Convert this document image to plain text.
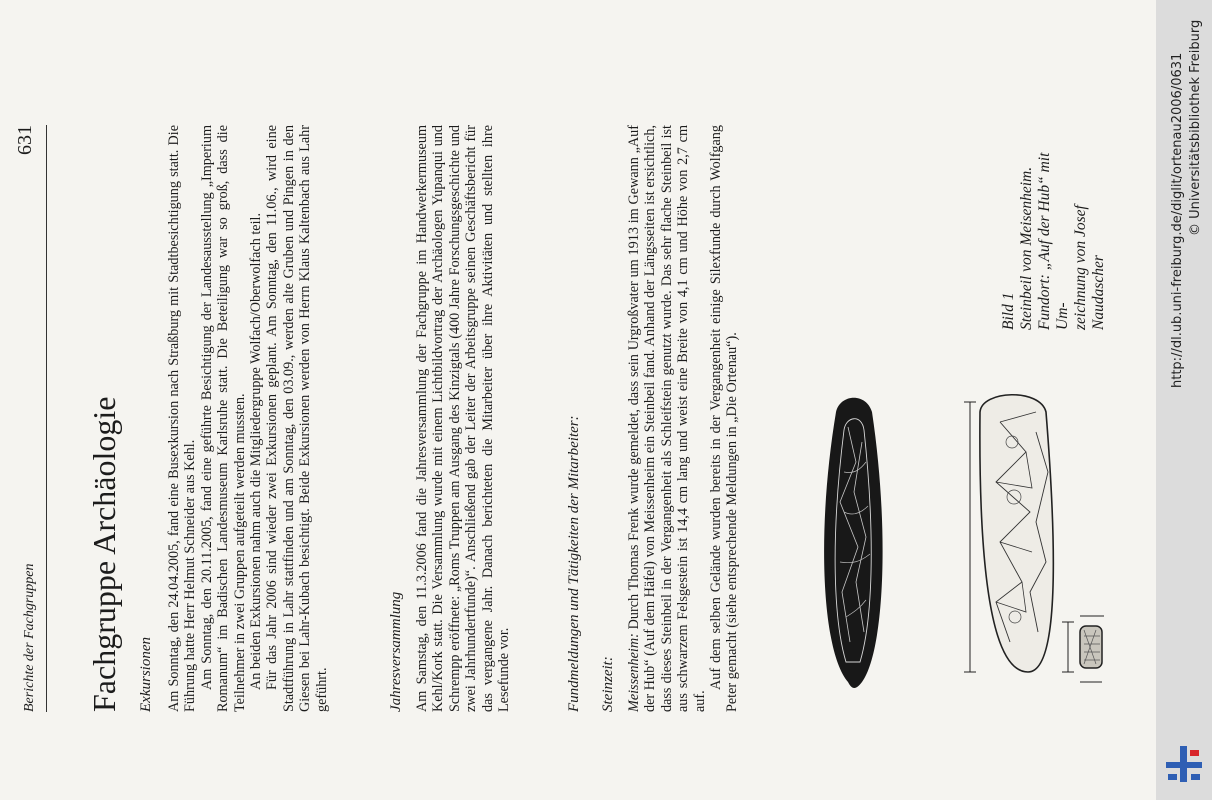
Berichte der Fachgruppen
631
Fachgruppe Archäologie Exkursionen Am Sonntag, den 24.04.2005, fand eine Busexkursion nach Straßburg mit Stadtbesichtigung statt. Die Führung hatte Herr Helmut Schneider aus Kehl. Am Sonntag, den 20.11.2005, fand eine geführte Besichtigung der Landesausstellung „Imperium Romanum“ im Badischen Landesmuseum Karlsruhe statt. Die Beteiligung war so groß, dass die Teilnehmer in zwei Gruppen aufgeteilt werden mussten. An beiden Exkursionen nahm auch die Mitgliedergruppe Wolfach/Oberwolfach teil. Für das Jahr 2006 sind wieder zwei Exkursionen geplant. Am Sonntag, den 11.06., wird eine Stadtführung in Lahr stattfinden und am Sonntag, den 03.09., werden alte Gruben und Pingen in den Giesen bei Lahr-Kubach besichtigt. Beide Exkursionen werden von Herrn Klaus Kaltenbach aus Lahr geführt.	Jahresversammlung Am Samstag, den 11.3.2006 fand die Jahresversammlung der Fachgruppe im Handwerkermuseum Kehl/Kork statt. Die Versammlung wurde mit einem Lichtbildvortrag der Archäologen Yupanqui und Schrempp eröffnete: „Roms Truppen am Ausgang des Kinzigtals (400 Jahre Forschungsgeschichte und zwei Jahrhundertfunde)“. Anschließend gab der Leiter der Arbeitsgruppe seinen Geschäftsbericht für das vergangene Jahr. Danach berichteten die Mitarbeiter über ihre Aktivitäten und stellten ihre Lesefunde vor.	Fundmeldungen und Tätigkeiten der Mitarbeiter: Steinzeit: Meissenheim: Durch Thomas Frenk wurde gemeldet, dass sein Urgroßvater um 1913 im Gewann „Auf der Hub“ (Auf dem Häfel) von Meissenheim ein Steinbeil fand. Anhand der Längsseiten ist ersichtlich, dass dieses Steinbeil in der Vergangenheit als Schleifstein genutzt wurde. Das sehr flache Steinbeil ist aus schwarzem Felsgestein ist 14,4 cm lang und weist eine Breite von 4,1 cm und Höhe von 2,7 cm auf.

Auf dem selben Gelände wurden bereits in der Vergangenheit einige Silexfunde durch Wolfgang Peter gemacht (siehe entsprechende Meldungen in „Die Ortenau“).

Bild 1 Steinbeil von Meisenheim. Fundort: „Auf der Hub“ mit Um- zeichnung von Josef Naudascher	http://dl.ub.uni-freiburg.de/diglit/ortenau2006/0631 © Universitätsbibliothek Freiburg
